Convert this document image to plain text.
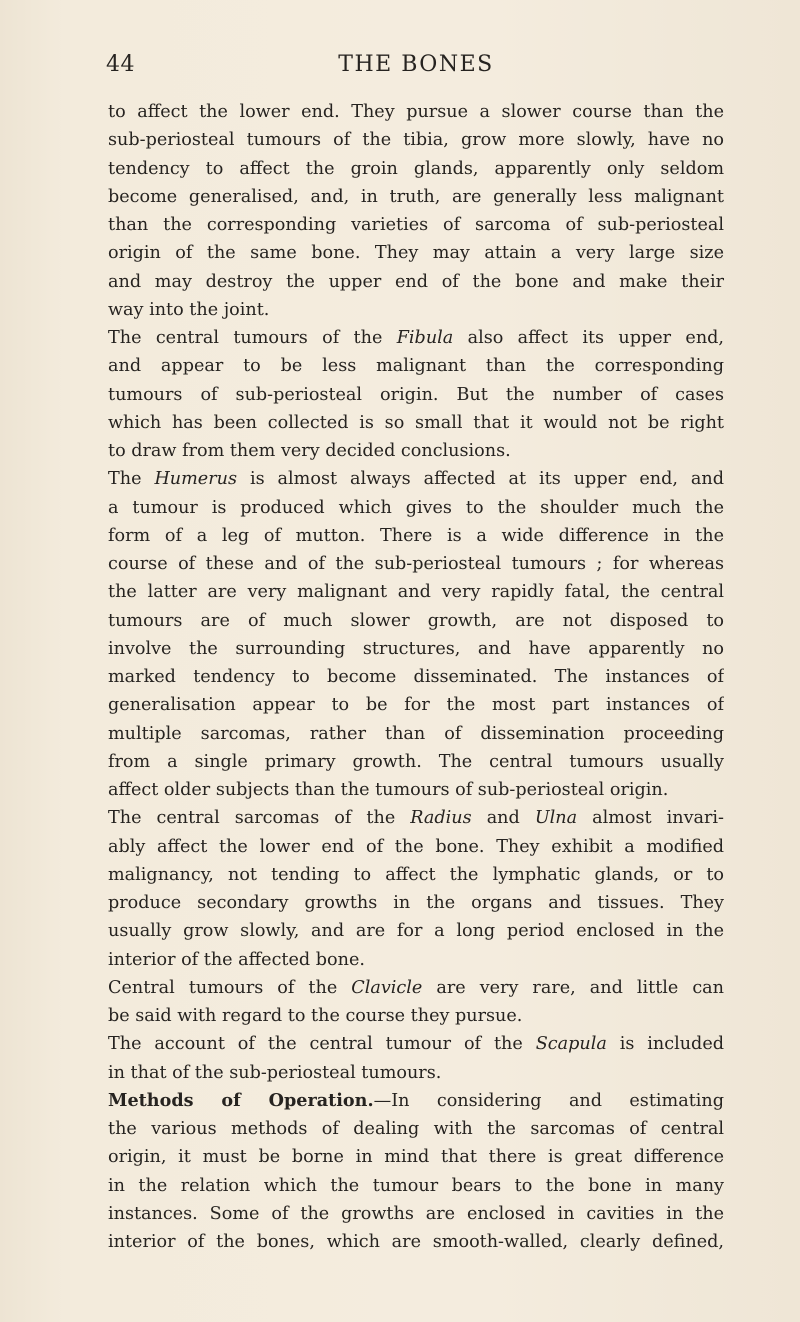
44	THE BONES
to affect the lower end. They pursue a slower course than the
sub-periosteal tumours of the tibia, grow more slowly, have no
tendency to affect the groin glands, apparently only seldom
become generalised, and, in truth, are generally less malignant
than the corresponding varieties of sarcoma of sub-periosteal
origin of the same bone. They may attain a very large size
and may destroy the upper end of the bone and make their
way into the joint.
The central tumours of the Fibula also affect its upper end,
and appear to be less malignant than the corresponding
tumours of sub-periosteal origin. But the number of cases
which has been collected is so small that it would not be right
to draw from them very decided conclusions.
The Humerus is almost always affected at its upper end, and
a tumour is produced which gives to the shoulder much the
form of a leg of mutton. There is a wide difference in the
course of these and of the sub-periosteal tumours ; for whereas
the latter are very malignant and very rapidly fatal, the central
tumours are of much slower growth, are not disposed to
involve the surrounding structures, and have apparently no
marked tendency to become disseminated. The instances of
generalisation appear to be for the most part instances of
multiple sarcomas, rather than of dissemination proceeding
from a single primary growth. The central tumours usually
affect older subjects than the tumours of sub-periosteal origin.
The central sarcomas of the Radius and Ulna almost invari-
ably affect the lower end of the bone. They exhibit a modified
malignancy, not tending to affect the lymphatic glands, or to
produce secondary growths in the organs and tissues. They
usually grow slowly, and are for a long period enclosed in the
interior of the affected bone.
Central tumours of the Clavicle are very rare, and little can
be said with regard to the course they pursue.
The account of the central tumour of the Scapula is included
in that of the sub-periosteal tumours.
Methods of Operation.—In considering and estimating
the various methods of dealing with the sarcomas of central
origin, it must be borne in mind that there is great difference
in the relation which the tumour bears to the bone in many
instances. Some of the growths are enclosed in cavities in the
interior of the bones, which are smooth-walled, clearly defined,
